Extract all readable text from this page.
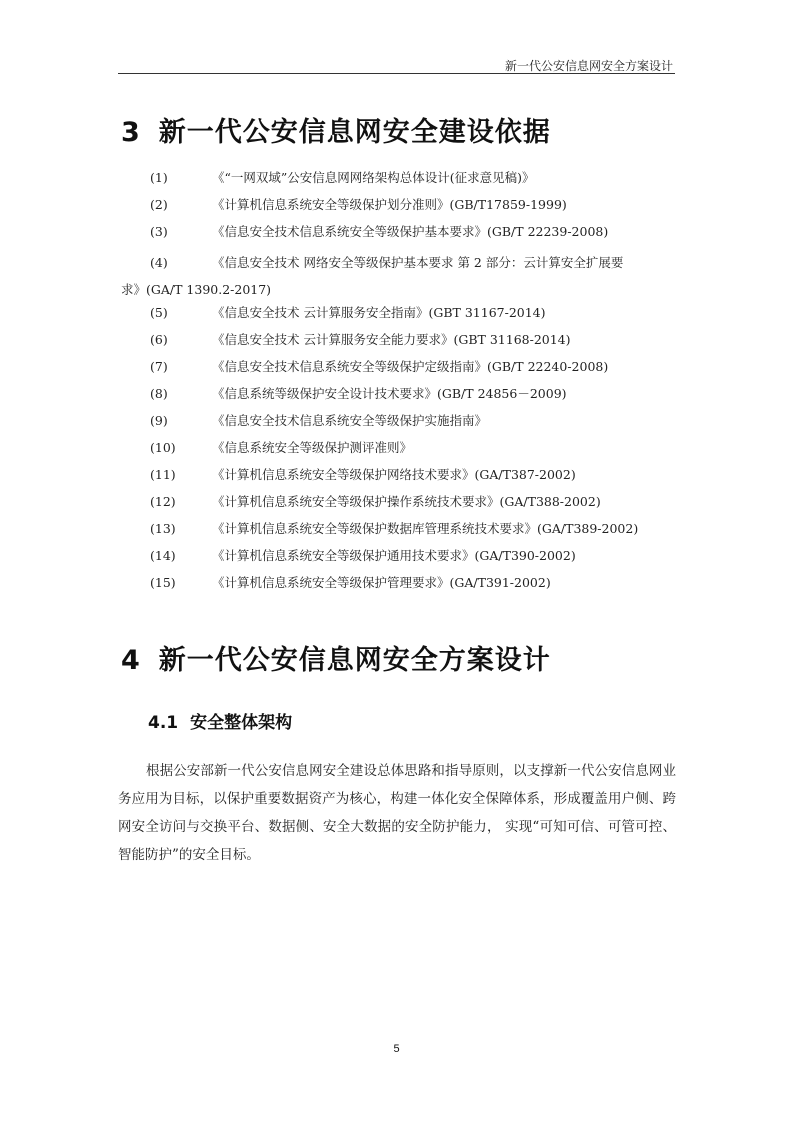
新一代公安信息网安全方案设计
3 新一代公安信息网安全建设依据
(1)	《“一网双域”公安信息网网络架构总体设计(征求意见稿)》
(2)	《计算机信息系统安全等级保护划分准则》(GB/T17859-1999)
(3)	《信息安全技术信息系统安全等级保护基本要求》(GB/T 22239-2008)
(4)	《信息安全技术 网络安全等级保护基本要求 第 2 部分：云计算安全扩展要
求》(GA/T 1390.2-2017)
(5)	《信息安全技术 云计算服务安全指南》(GBT 31167-2014)
(6)	《信息安全技术 云计算服务安全能力要求》(GBT 31168-2014)
(7)	《信息安全技术信息系统安全等级保护定级指南》(GB/T 22240-2008)
(8)	《信息系统等级保护安全设计技术要求》(GB/T 24856－2009)
(9)	《信息安全技术信息系统安全等级保护实施指南》
(10)	《信息系统安全等级保护测评准则》
(11)	《计算机信息系统安全等级保护网络技术要求》(GA/T387-2002)
(12)	《计算机信息系统安全等级保护操作系统技术要求》(GA/T388-2002)
(13)	《计算机信息系统安全等级保护数据库管理系统技术要求》(GA/T389-2002)
(14)	《计算机信息系统安全等级保护通用技术要求》(GA/T390-2002)
(15)	《计算机信息系统安全等级保护管理要求》(GA/T391-2002)
4 新一代公安信息网安全方案设计
4.1 安全整体架构
根据公安部新一代公安信息网安全建设总体思路和指导原则，以支撑新一代公安信息网业务应用为目标，以保护重要数据资产为核心，构建一体化安全保障体系，形成覆盖用户侧、跨网安全访问与交换平台、数据侧、安全大数据的安全防护能力， 实现“可知可信、可管可控、智能防护”的安全目标。
5
